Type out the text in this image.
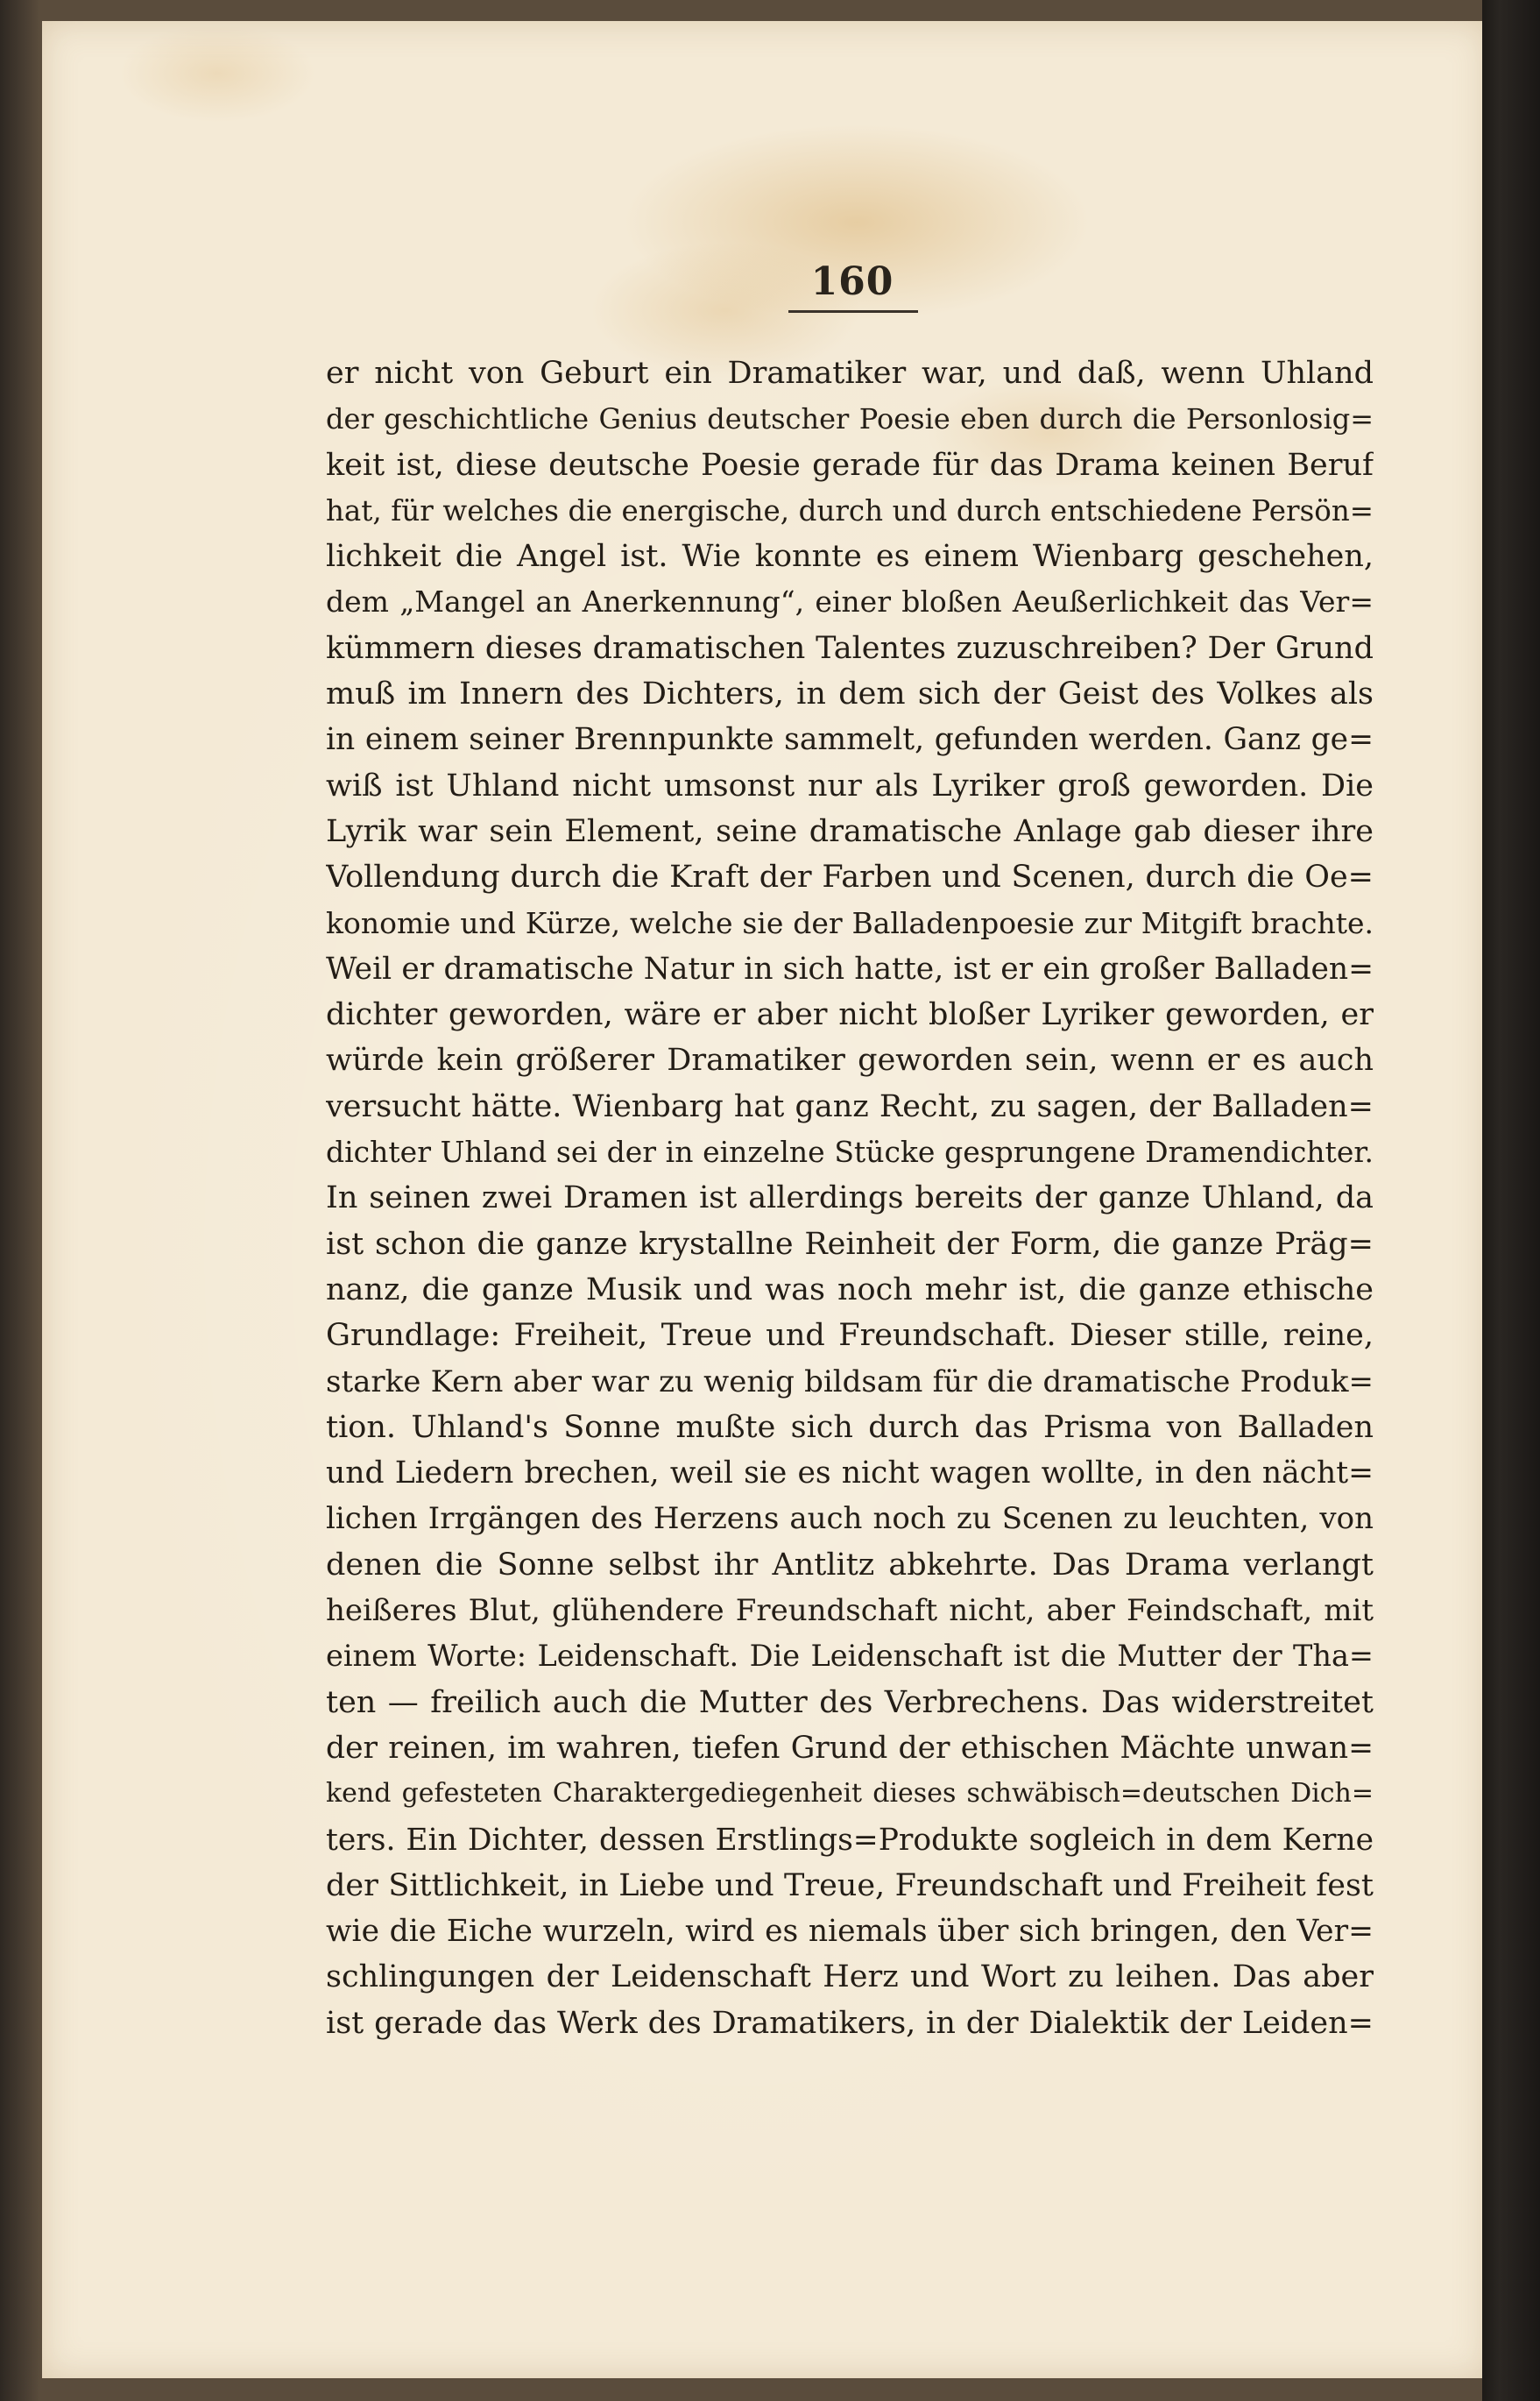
160
er nicht von Geburt ein Dramatiker war, und daß, wenn Uhland
der geschichtliche Genius deutscher Poesie eben durch die Personlosig=
keit ist, diese deutsche Poesie gerade für das Drama keinen Beruf
hat, für welches die energische, durch und durch entschiedene Persön=
lichkeit die Angel ist. Wie konnte es einem Wienbarg geschehen,
dem „Mangel an Anerkennung“, einer bloßen Aeußerlichkeit das Ver=
kümmern dieses dramatischen Talentes zuzuschreiben? Der Grund
muß im Innern des Dichters, in dem sich der Geist des Volkes als
in einem seiner Brennpunkte sammelt, gefunden werden. Ganz ge=
wiß ist Uhland nicht umsonst nur als Lyriker groß geworden. Die
Lyrik war sein Element, seine dramatische Anlage gab dieser ihre
Vollendung durch die Kraft der Farben und Scenen, durch die Oe=
konomie und Kürze, welche sie der Balladenpoesie zur Mitgift brachte.
Weil er dramatische Natur in sich hatte, ist er ein großer Balladen=
dichter geworden, wäre er aber nicht bloßer Lyriker geworden, er
würde kein größerer Dramatiker geworden sein, wenn er es auch
versucht hätte. Wienbarg hat ganz Recht, zu sagen, der Balladen=
dichter Uhland sei der in einzelne Stücke gesprungene Dramendichter.
In seinen zwei Dramen ist allerdings bereits der ganze Uhland, da
ist schon die ganze krystallne Reinheit der Form, die ganze Präg=
nanz, die ganze Musik und was noch mehr ist, die ganze ethische
Grundlage: Freiheit, Treue und Freundschaft. Dieser stille, reine,
starke Kern aber war zu wenig bildsam für die dramatische Produk=
tion. Uhland's Sonne mußte sich durch das Prisma von Balladen
und Liedern brechen, weil sie es nicht wagen wollte, in den nächt=
lichen Irrgängen des Herzens auch noch zu Scenen zu leuchten, von
denen die Sonne selbst ihr Antlitz abkehrte. Das Drama verlangt
heißeres Blut, glühendere Freundschaft nicht, aber Feindschaft, mit
einem Worte: Leidenschaft. Die Leidenschaft ist die Mutter der Tha=
ten — freilich auch die Mutter des Verbrechens. Das widerstreitet
der reinen, im wahren, tiefen Grund der ethischen Mächte unwan=
kend gefesteten Charaktergediegenheit dieses schwäbisch=deutschen Dich=
ters. Ein Dichter, dessen Erstlings=Produkte sogleich in dem Kerne
der Sittlichkeit, in Liebe und Treue, Freundschaft und Freiheit fest
wie die Eiche wurzeln, wird es niemals über sich bringen, den Ver=
schlingungen der Leidenschaft Herz und Wort zu leihen. Das aber
ist gerade das Werk des Dramatikers, in der Dialektik der Leiden=
